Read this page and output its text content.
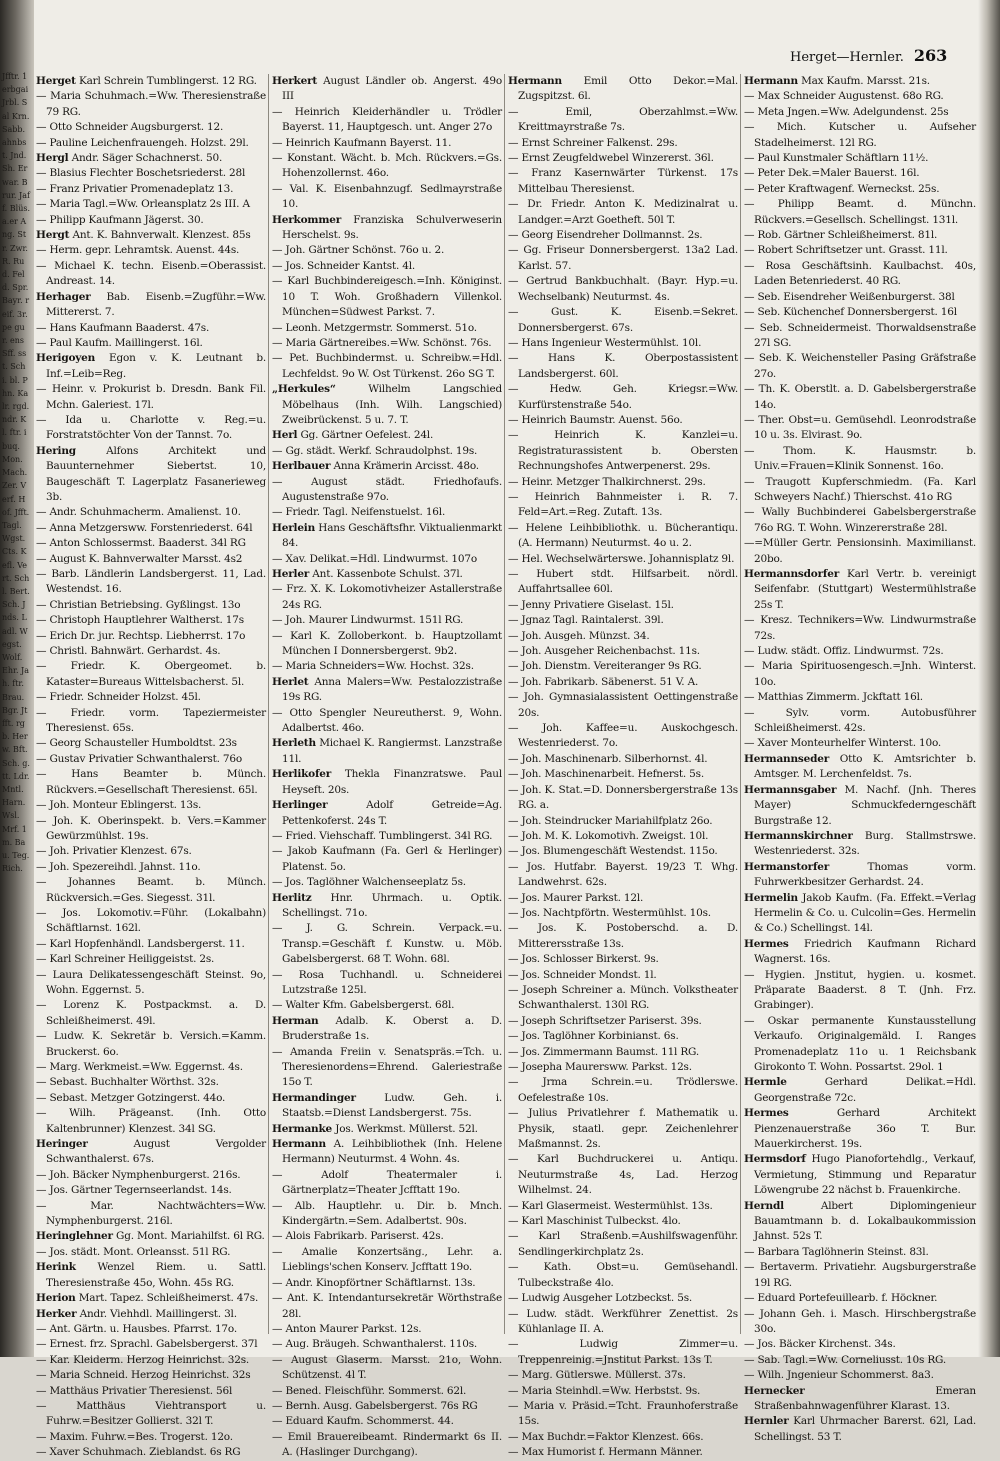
Jfftr. 1erbgai Jrbl. Sal Krn. Sabb. ahnbst. Jnd. Sh. Erwar. Brur. Jaff. Blüs. a.er Ang. Str. Zwr. R. Rud. Feld. Spr. Bayr. reif. 3r. pe gur. ens Sff. sst. Schi. bl. P hn. Kalr. rgd. ndr. Kl. ftr. ibuq. Mon. Mach. Zer. Verf. Hof. Jfft. Tagl. Wgst. Cts. Kefl. Vert. Schl. Bert. Sch. Jnds. Ladl. Wegst. Wolf. Ehr. Jah. ftr. Brau. Bgr. Jtfft. rgb. Herw. Bft. Sch. g. tt. Ldr. Mntl. Harn. Wsl. Mrf. 1m. Bau. Teg. Rich.
Herget—Hernler. 263

Herget Karl Schrein Tumblingerst. 12 RG.

— Maria Schuhmach.=Ww. Theresienstraße 79 RG.

— Otto Schneider Augsburgerst. 12.

— Pauline Leichenfrauengeh. Holzst. 29l.

Hergl Andr. Säger Schachnerst. 50.

— Blasius Flechter Boschetsriederst. 28l

— Franz Privatier Promenadeplatz 13.

— Maria Tagl.=Ww. Orleansplatz 2s III. A

— Philipp Kaufmann Jägerst. 30.

Hergt Ant. K. Bahnverwalt. Klenzest. 85s

— Herm. gepr. Lehramtsk. Auenst. 44s.

— Michael K. techn. Eisenb.=Oberassist. Andreast. 14.

Herhager Bab. Eisenb.=Zugführ.=Ww. Mittererst. 7.

— Hans Kaufmann Baaderst. 47s.

— Paul Kaufm. Maillingerst. 16l.

Herigoyen Egon v. K. Leutnant b. Inf.=Leib=Reg.

— Heinr. v. Prokurist b. Dresdn. Bank Fil. Mchn. Galeriest. 17l.

— Ida u. Charlotte v. Reg.=u. Forstratstöchter Von der Tannst. 7o.

Hering	Alfons Architekt und Bauunternehmer Siebertst. 10, Baugeschäft T. Lagerplatz Fasanerieweg 3b.

— Andr. Schuhmacherm. Amalienst. 10.

— Anna Metzgersww. Forstenriederst. 64l

— Anton Schlossermst. Baaderst. 34l RG

— August K. Bahnverwalter Marsst. 4s2

— Barb. Ländlerin Landsbergerst. 11, Lad. Westendst. 16.

— Christian Betriebsing. Gyßlingst. 13o

— Christoph Hauptlehrer Waltherst. 17s

— Erich Dr. jur. Rechtsp. Liebherrst. 17o

— Christl. Bahnwärt. Gerhardst. 4s.

— Friedr. K. Obergeomet. b. Kataster=Bureaus Wittelsbacherst. 5l.

— Friedr. Schneider Holzst. 45l.

— Friedr. vorm. Tapeziermeister Theresienst. 65s.

— Georg Schausteller Humboldtst. 23s

— Gustav Privatier Schwanthalerst. 76o

— Hans Beamter b. Münch. Rückvers.=Gesellschaft Theresienst. 65l.

— Joh. Monteur Eblingerst. 13s.

— Joh. K. Oberinspekt. b. Vers.=Kammer Gewürzmühlst. 19s.

— Joh. Privatier Klenzest. 67s.

— Joh. Spezereihdl. Jahnst. 11o.

— Johannes Beamt. b. Münch. Rückversich.=Ges. Siegesst. 31l.

— Jos. Lokomotiv.=Führ. (Lokalbahn) Schäftlarnst. 162l.

— Karl Hopfenhändl. Landsbergerst. 11.

— Karl Schreiner Heiliggeistst. 2s.

— Laura Delikatessengeschäft Steinst. 9o, Wohn. Eggernst. 5.

— Lorenz K. Postpackmst. a. D. Schleißheimerst. 49l.

— Ludw. K. Sekretär b. Versich.=Kamm. Bruckerst. 6o.

— Marg. Werkmeist.=Ww. Eggernst. 4s.

— Sebast. Buchhalter Wörthst. 32s.

— Sebast. Metzger Gotzingerst. 44o.

— Wilh. Prägeanst. (Inh. Otto Kaltenbrunner) Klenzest. 34l SG.

Heringer	August Vergolder Schwanthalerst. 67s.

— Joh. Bäcker Nymphenburgerst. 216s.

— Jos. Gärtner Tegernseerlandst. 14s.

— Mar. Nachtwächters=Ww. Nymphenburgerst. 216l.

Heringlehner Gg. Mont. Mariahilfst. 6l RG.

— Jos. städt. Mont. Orleansst. 51l RG.

Herink Wenzel Riem. u. Sattl. Theresienstraße 45o, Wohn. 45s RG.

Herion Mart. Tapez. Schleißheimerst. 47s.

Herker Andr. Viehhdl. Maillingerst. 3l.

— Ant. Gärtn. u. Hausbes. Pfarrst. 17o.

— Ernest. frz. Sprachl. Gabelsbergerst. 37l

— Kar. Kleiderm. Herzog Heinrichst. 32s.

— Maria Schneid. Herzog Heinrichst. 32s

— Matthäus Privatier Theresienst. 56l

— Matthäus Viehtransport u. Fuhrw.=Besitzer Gollierst. 32l T.

— Maxim. Fuhrw.=Bes. Trogerst. 12o.

— Xaver Schuhmach. Zieblandst. 6s RG

Herkert August Ländler ob. Angerst. 49o III

— Heinrich Kleiderhändler u. Trödler Bayerst. 11, Hauptgesch. unt. Anger 27o

— Heinrich Kaufmann Bayerst. 11.

— Konstant. Wächt. b. Mch. Rückvers.=Gs. Hohenzollernst. 46o.

— Val. K. Eisenbahnzugf. Sedlmayrstraße 10.

Herkommer Franziska Schulverweserin Herschelst. 9s.

— Joh. Gärtner Schönst. 76o u. 2.

— Jos. Schneider Kantst. 4l.

— Karl Buchbindereigesch.=Inh. Königinst. 10 T. Woh. Großhadern Villenkol. München=Südwest Parkst. 7.

— Leonh. Metzgermstr. Sommerst. 51o.

— Maria Gärtnereibes.=Ww. Schönst. 76s.

— Pet. Buchbindermst. u. Schreibw.=Hdl. Lechfeldst. 9o W. Ost Türkenst. 26o SG T.

„Herkules“	Wilhelm Langschied Möbelhaus (Inh. Wilh. Langschied) Zweibrückenst. 5 u. 7. T.

Herl Gg. Gärtner Oefelest. 24l.

— Gg. städt. Werkf. Schraudolphst. 19s.

Herlbauer Anna Krämerin Arcisst. 48o.

— August städt. Friedhofaufs. Augustenstraße 97o.

— Friedr. Tagl. Neifenstuelst. 16l.

Herlein Hans Geschäftsfhr. Viktualienmarkt 84.

— Xav. Delikat.=Hdl. Lindwurmst. 107o

Herler Ant. Kassenbote Schulst. 37l.

— Frz. X. K. Lokomotivheizer Astallerstraße 24s RG.

— Joh. Maurer Lindwurmst. 151l RG.

— Karl K. Zolloberkont. b. Hauptzollamt München I Donnersbergerst. 9b2.

— Maria Schneiders=Ww. Hochst. 32s.

Herlet Anna Malers=Ww. Pestalozzistraße 19s RG.

— Otto Spengler Neureutherst. 9, Wohn. Adalbertst. 46o.

Herleth Michael K. Rangiermst. Lanzstraße 11l.

Herlikofer Thekla Finanzratswe. Paul Heyseft. 20s.

Herlinger	Adolf Getreide=Ag. Pettenkoferst. 24s T.

— Fried. Viehschaff. Tumblingerst. 34l RG.

— Jakob Kaufmann (Fa. Gerl & Herlinger) Platenst. 5o.

— Jos. Taglöhner Walchenseeplatz 5s.

Herlitz Hnr. Uhrmach. u. Optik. Schellingst. 71o.

— J. G. Schrein. Verpack.=u. Transp.=Geschäft f. Kunstw. u. Möb. Gabelsbergerst. 68 T. Wohn. 68l.

— Rosa Tuchhandl. u. Schneiderei Lutzstraße 125l.

— Walter Kfm. Gabelsbergerst. 68l.

Herman Adalb. K. Oberst a. D. Bruderstraße 1s.

— Amanda Freiin v. Senatspräs.=Tch. u. Theresienordens=Ehrend. Galeriestraße 15o T.

Hermandinger	Ludw. Geh. i. Staatsb.=Dienst Landsbergerst. 75s.

Hermanke Jos. Werkmst. Müllerst. 52l.

Hermann A. Leihbibliothek (Inh. Helene Hermann) Neuturmst. 4 Wohn. 4s.

— Adolf Theatermaler i. Gärtnerplatz=Theater Jcfftatt 19o.

— Alb. Hauptlehr. u. Dir. b. Mnch. Kindergärtn.=Sem. Adalbertst. 90s.

— Alois Fabrikarb. Pariserst. 42s.

— Amalie Konzertsäng., Lehr. a. Lieblings'schen Konserv. Jcfftatt 19o.

— Andr. Kinopförtner Schäftlarnst. 13s.

— Ant. K. Intendantursekretär Wörthstraße 28l.

— Anton Maurer Parkst. 12s.

— Aug. Bräugeh. Schwanthalerst. 110s.

— August Glaserm. Marsst. 21o, Wohn. Schützenst. 4l T.

— Bened. Fleischführ. Sommerst. 62l.

— Bernh. Ausg. Gabelsbergerst. 76s RG

— Eduard Kaufm. Schommerst. 44.

— Emil Brauereibeamt. Rindermarkt 6s II. A. (Haslinger Durchgang).

Hermann Emil Otto Dekor.=Mal. Zugspitzst. 6l.

— Emil, Oberzahlmst.=Ww. Kreittmayrstraße 7s.

— Ernst Schreiner Falkenst. 29s.

— Ernst Zeugfeldwebel Winzererst. 36l.

— Franz Kasernwärter Türkenst. 17s Mittelbau Theresienst.

— Dr. Friedr. Anton K. Medizinalrat u. Landger.=Arzt Goetheft. 50l T.

— Georg Eisendreher Dollmannst. 2s.

— Gg. Friseur Donnersbergerst. 13a2 Lad. Karlst. 57.

— Gertrud Bankbuchhalt. (Bayr. Hyp.=u. Wechselbank) Neuturmst. 4s.

— Gust. K. Eisenb.=Sekret. Donnersbergerst. 67s.

— Hans Ingenieur Westermühlst. 10l.

— Hans K. Oberpostassistent Landsbergerst. 60l.

— Hedw. Geh. Kriegsr.=Ww. Kurfürstenstraße 54o.

— Heinrich Baumstr. Auenst. 56o.

— Heinrich K. Kanzlei=u. Registraturassistent b. Obersten Rechnungshofes Antwerpenerst. 29s.

— Heinr. Metzger Thalkirchnerst. 29s.

— Heinrich Bahnmeister i. R. 7. Feld=Art.=Reg. Zutaft. 13s.

— Helene Leihbibliothk. u. Bücherantiqu. (A. Hermann) Neuturmst. 4o u. 2.

— Hel. Wechselwärterswe. Johannisplatz 9l.

— Hubert stdt. Hilfsarbeit. nördl. Auffahrtsallee 60l.

— Jenny Privatiere Giselast. 15l.

— Jgnaz Tagl. Raintalerst. 39l.

— Joh. Ausgeh. Münzst. 34.

— Joh. Ausgeher Reichenbachst. 11s.

— Joh. Dienstm. Vereiteranger 9s RG.

— Joh. Fabrikarb. Säbenerst. 51 V. A.

— Joh. Gymnasialassistent Oettingenstraße 20s.

— Joh. Kaffee=u. Auskochgesch. Westenriederst. 7o.

— Joh. Maschinenarb. Silberhornst. 4l.

— Joh. Maschinenarbeit. Hefnerst. 5s.

— Joh. K. Stat.=D. Donnersbergerstraße 13s RG. a.

— Joh. Steindrucker Mariahilfplatz 26o.

— Joh. M. K. Lokomotivh. Zweigst. 10l.

— Jos. Blumengeschäft Westendst. 115o.

— Jos. Hutfabr. Bayerst. 19/23 T. Whg. Landwehrst. 62s.

— Jos. Maurer Parkst. 12l.

— Jos. Nachtpförtn. Westermühlst. 10s.

— Jos. K. Postoberschd. a. D. Mitterersstraße 13s.

— Jos. Schlosser Birkerst. 9s.

— Jos. Schneider Mondst. 1l.

— Joseph Schreiner a. Münch. Volkstheater Schwanthalerst. 130l RG.

— Joseph Schriftsetzer Pariserst. 39s.

— Jos. Taglöhner Korbinianst. 6s.

— Jos. Zimmermann Baumst. 11l RG.

— Josepha Maurersww. Parkst. 12s.

— Jrma Schrein.=u. Trödlerswe. Oefelestraße 10s.

— Julius Privatlehrer f. Mathematik u. Physik, staatl. gepr. Zeichenlehrer Maßmannst. 2s.

— Karl Buchdruckerei u. Antiqu. Neuturmstraße 4s, Lad. Herzog Wilhelmst. 24.

— Karl Glasermeist. Westermühlst. 13s.

— Karl Maschinist Tulbeckst. 4lo.

— Karl Straßenb.=Aushilfswagenführ. Sendlingerkirchplatz 2s.

— Kath. Obst=u. Gemüsehandl. Tulbeckstraße 4lo.

— Ludwig Ausgeher Lotzbeckst. 5s.

— Ludw. städt. Werkführer Zenettist. 2s Kühlanlage II. A.

— Ludwig Zimmer=u. Treppenreinig.=Jnstitut Parkst. 13s T.

— Marg. Gütlerswe. Müllerst. 37s.

— Maria Steinhdl.=Ww. Herbstst. 9s.

— Maria v. Präsid.=Tcht. Fraunhoferstraße 15s.

— Max Buchdr.=Faktor Klenzest. 66s.

— Max Humorist f. Hermann Männer.

Hermann Max Kaufm. Marsst. 21s.

— Max Schneider Augustenst. 68o RG.

— Meta Jngen.=Ww. Adelgundenst. 25s

— Mich. Kutscher u. Aufseher Stadelheimerst. 12l RG.

— Paul Kunstmaler Schäftlarn 11½.

— Peter Dek.=Maler Bauerst. 16l.

— Peter Kraftwagenf. Werneckst. 25s.

— Philipp Beamt. d. Münchn. Rückvers.=Gesellsch. Schellingst. 131l.

— Rob. Gärtner Schleißheimerst. 81l.

— Robert Schriftsetzer unt. Grasst. 11l.

— Rosa Geschäftsinh. Kaulbachst. 40s, Laden Betenriederst. 40 RG.

— Seb. Eisendreher Weißenburgerst. 38l

— Seb. Küchenchef Donnersbergerst. 16l

— Seb. Schneidermeist. Thorwaldsenstraße 27l SG.

— Seb. K. Weichensteller Pasing Gräfstraße 27o.

— Th. K. Oberstlt. a. D. Gabelsbergerstraße 14o.

— Ther. Obst=u. Gemüsehdl. Leonrodstraße 10 u. 3s. Elvirast. 9o.

— Thom. K. Hausmstr. b. Univ.=Frauen=Klinik Sonnenst. 16o.

— Traugott Kupferschmiedm. (Fa. Karl Schweyers Nachf.) Thierschst. 41o RG

— Wally Buchbinderei Gabelsbergerstraße 76o RG. T. Wohn. Winzererstraße 28l.

—=Müller Gertr. Pensionsinh. Maximilianst. 20bo.

Hermannsdorfer Karl Vertr. b. vereinigt Seifenfabr. (Stuttgart) Westermühlstraße 25s T.

— Kresz. Technikers=Ww. Lindwurmstraße 72s.

— Ludw. städt. Offiz. Lindwurmst. 72s.

— Maria Spirituosengesch.=Jnh. Winterst. 10o.

— Matthias Zimmerm. Jckftatt 16l.

— Sylv. vorm. Autobusführer Schleißheimerst. 42s.

— Xaver Monteurhelfer Winterst. 10o.

Hermannseder Otto K. Amtsrichter b. Amtsger. M. Lerchenfeldst. 7s.

Hermannsgaber M. Nachf. (Jnh. Theres Mayer) Schmuckfederngeschäft Burgstraße 12.

Hermannskirchner Burg. Stallmstrswe. Westenriederst. 32s.

Hermanstorfer	Thomas vorm. Fuhrwerkbesitzer Gerhardst. 24.

Hermelin Jakob Kaufm. (Fa. Effekt.=Verlag Hermelin & Co. u. Culcolin=Ges. Hermelin & Co.) Schellingst. 14l.

Hermes Friedrich Kaufmann Richard Wagnerst. 16s.

— Hygien. Jnstitut, hygien. u. kosmet. Präparate Baaderst. 8 T. (Jnh. Frz. Grabinger).

— Oskar permanente Kunstausstellung Verkaufo. Originalgemäld. I. Ranges Promenadeplatz 11o u. 1 Reichsbank Girokonto T. Wohn. Possartst. 29ol. 1

Hermle	Gerhard Delikat.=Hdl. Georgenstraße 72c.

Hermes	Gerhard Architekt Pienzenauerstraße 36o T. Bur. Mauerkircherst. 19s.

Hermsdorf Hugo Pianofortehdlg., Verkauf, Vermietung, Stimmung und Reparatur Löwengrube 22 nächst b. Frauenkirche.

Herndl	Albert Diplomingenieur Bauamtmann b. d. Lokalbaukommission Jahnst. 52s T.

— Barbara Taglöhnerin Steinst. 83l.

— Bertaverm. Privatiehr. Augsburgerstraße 19l RG.

— Eduard Portefeuillearb. f. Höckner.

— Johann Geh. i. Masch. Hirschbergstraße 30o.

— Jos. Bäcker Kirchenst. 34s.

— Sab. Tagl.=Ww. Corneliusst. 10s RG.

— Wilh. Jngenieur Schommerst. 8a3.

Hernecker	Emeran Straßenbahnwagenführer Klarast. 13.

Hernler Karl Uhrmacher Barerst. 62l, Lad. Schellingst. 53 T.
